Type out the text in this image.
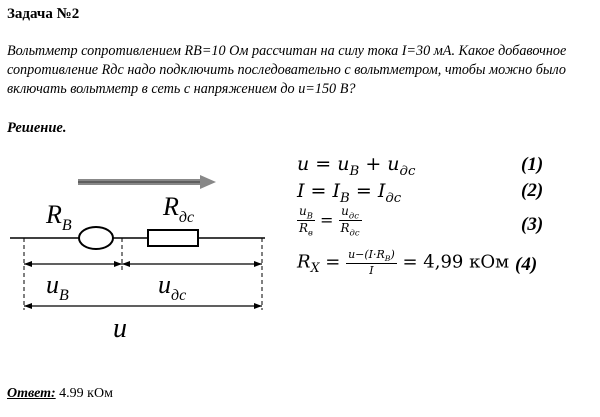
Задача №2
Вольтметр сопротивлением RB=10 Ом рассчитан на силу тока I=30 мА. Какое добавочное сопротивление Rдс надо подключить последовательно с вольтметром, чтобы можно было включать вольтметр в сеть с напряжением до u=150 В?
Решение.
$R_B$
$R_{дс}$
$u_B$	$u_{дс}$
u
$u = u_В + u_{дс}$	(1)
$I = I_В = I_{дс}$	(2)
$\frac{u_В}{R_в} = \frac{u_{дс}}{R_{дс}}$	(3)
$R_X = \frac{u-(I\cdot R_В)}{I} = 4,99$ кОм (4)
Ответ: 4.99 кОм
